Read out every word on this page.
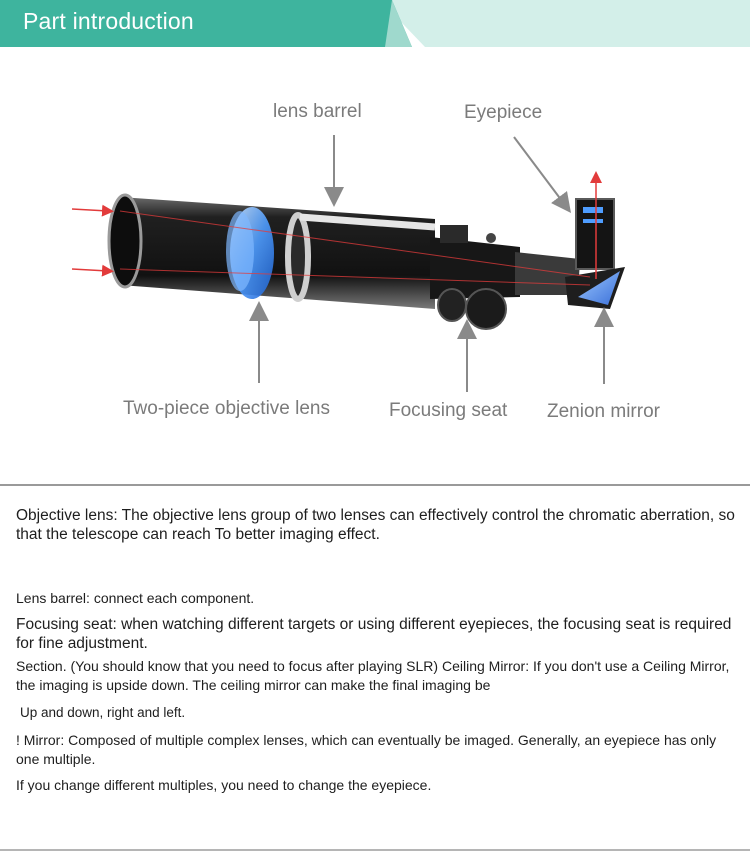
Part introduction
lens barrel	Eyepiece
Two-piece objective lens	Focusing seat Zenion mirror
Objective lens: The objective lens group of two lenses can effectively control the chromatic aberration, so that the telescope can reach To better imaging effect.
Lens barrel: connect each component.
Focusing seat: when watching different targets or using different eyepieces, the focusing seat is required for fine adjustment.
Section. (You should know that you need to focus after playing SLR) Ceiling Mirror: If you don't use a Ceiling Mirror, the imaging is upside down. The ceiling mirror can make the final imaging be
Up and down, right and left.
! Mirror: Composed of multiple complex lenses, which can eventually be imaged. Generally, an eyepiece has only one multiple.
If you change different multiples, you need to change the eyepiece.
